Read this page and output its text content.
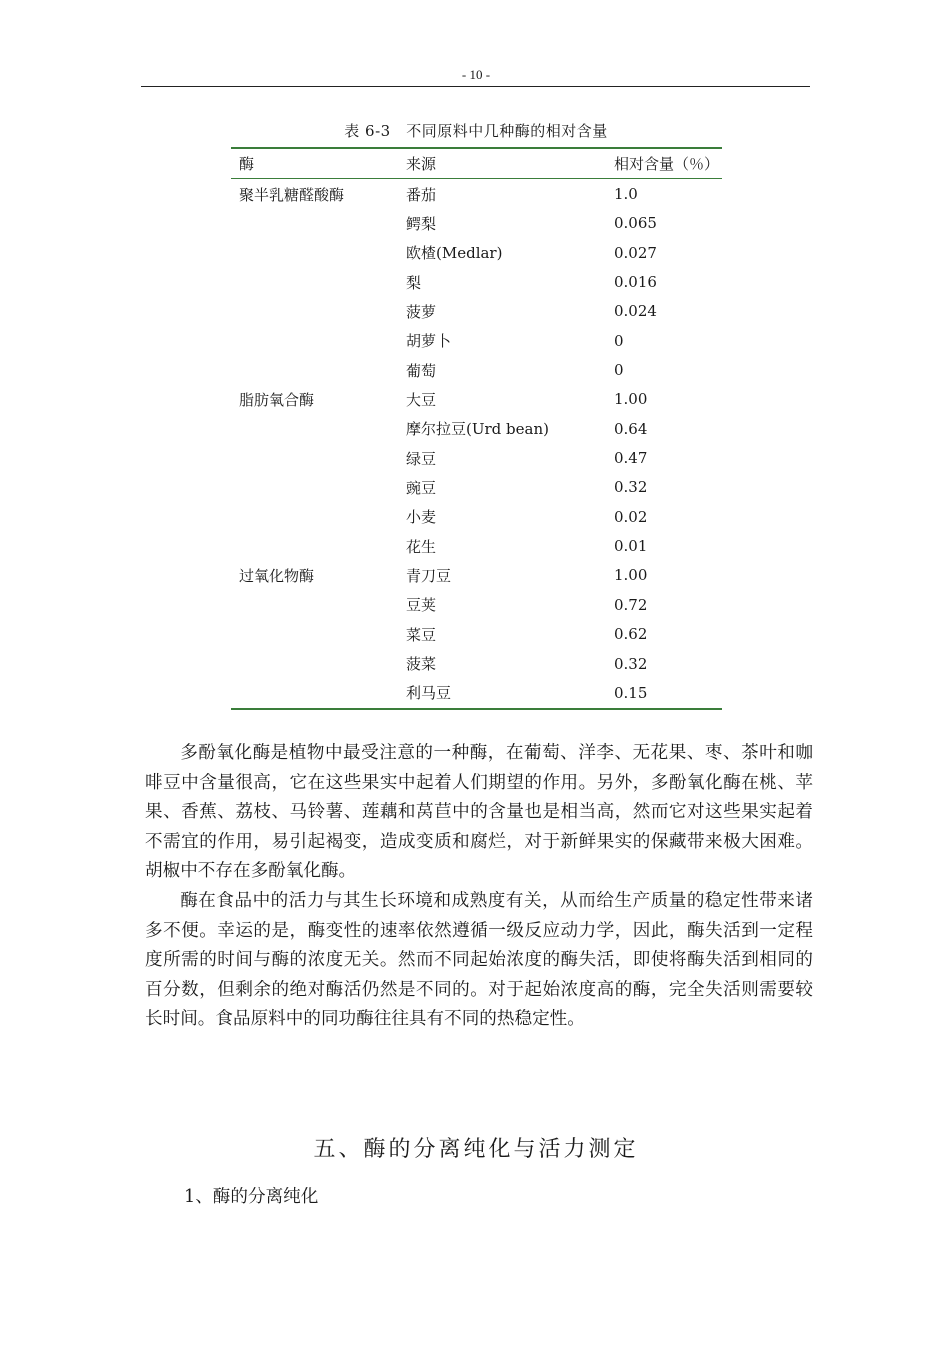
- 10 -
表 6-3　不同原料中几种酶的相对含量
酶	来源	相对含量（％）
聚半乳糖醛酸酶	番茄	1.0
	鳄梨	0.065
	欧楂(Medlar)	0.027
	梨	0.016
	菠萝	0.024
	胡萝卜	0
	葡萄	0
脂肪氧合酶	大豆	1.00
	摩尔拉豆(Urd bean)	0.64
	绿豆	0.47
	豌豆	0.32
	小麦	0.02
	花生	0.01
过氧化物酶	青刀豆	1.00
	豆荚	0.72
	菜豆	0.62
	菠菜	0.32
	利马豆	0.15

多酚氧化酶是植物中最受注意的一种酶，在葡萄、洋李、无花果、枣、茶叶和咖啡豆中含量很高，它在这些果实中起着人们期望的作用。另外，多酚氧化酶在桃、苹果、香蕉、荔枝、马铃薯、莲藕和莴苣中的含量也是相当高，然而它对这些果实起着不需宜的作用，易引起褐变，造成变质和腐烂，对于新鲜果实的保藏带来极大困难。胡椒中不存在多酚氧化酶。

酶在食品中的活力与其生长环境和成熟度有关，从而给生产质量的稳定性带来诸多不便。幸运的是，酶变性的速率依然遵循一级反应动力学，因此，酶失活到一定程度所需的时间与酶的浓度无关。然而不同起始浓度的酶失活，即使将酶失活到相同的百分数，但剩余的绝对酶活仍然是不同的。对于起始浓度高的酶，完全失活则需要较长时间。食品原料中的同功酶往往具有不同的热稳定性。

五、酶的分离纯化与活力测定
1、酶的分离纯化
